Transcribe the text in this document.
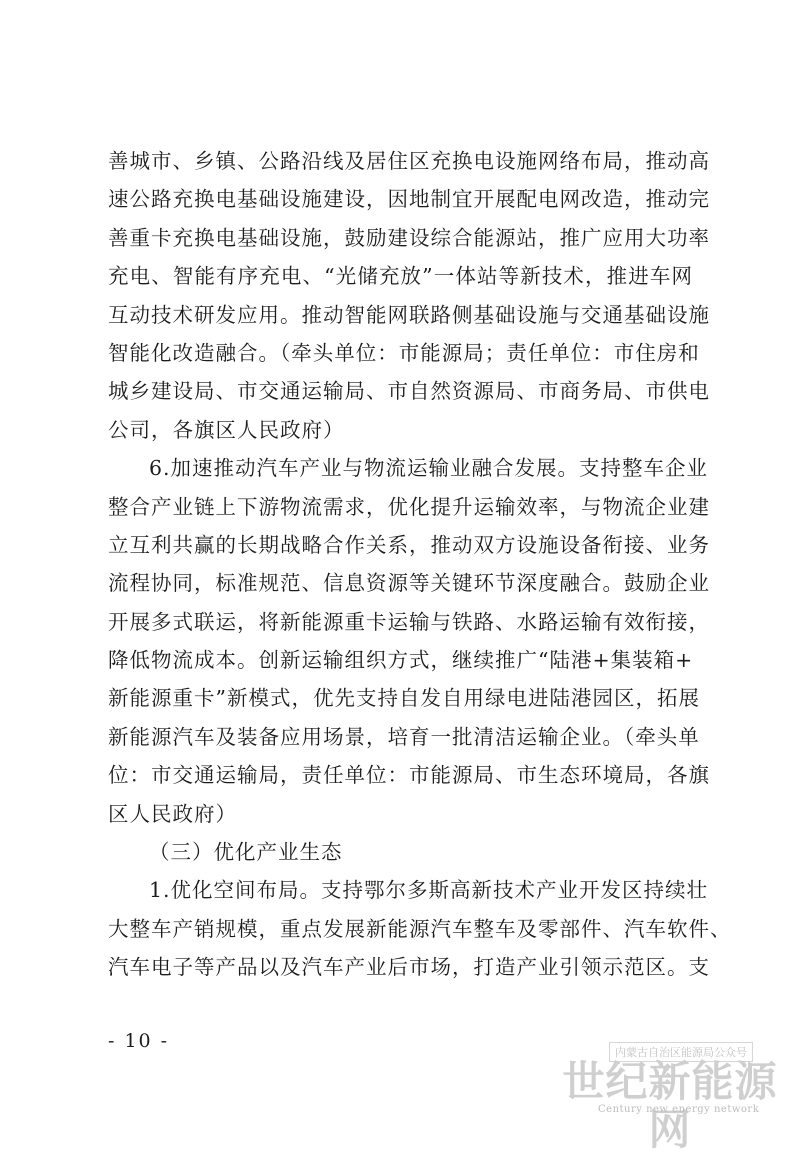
善城市、乡镇、公路沿线及居住区充换电设施网络布局，推动高
速公路充换电基础设施建设，因地制宜开展配电网改造，推动完
善重卡充换电基础设施，鼓励建设综合能源站，推广应用大功率
充电、智能有序充电、“光储充放”一体站等新技术，推进车网
互动技术研发应用。推动智能网联路侧基础设施与交通基础设施
智能化改造融合。（牵头单位：市能源局；责任单位：市住房和
城乡建设局、市交通运输局、市自然资源局、市商务局、市供电
公司，各旗区人民政府）
6.加速推动汽车产业与物流运输业融合发展。支持整车企业
整合产业链上下游物流需求，优化提升运输效率，与物流企业建
立互利共赢的长期战略合作关系，推动双方设施设备衔接、业务
流程协同，标准规范、信息资源等关键环节深度融合。鼓励企业
开展多式联运，将新能源重卡运输与铁路、水路运输有效衔接，
降低物流成本。创新运输组织方式，继续推广“陆港+集装箱+
新能源重卡”新模式，优先支持自发自用绿电进陆港园区，拓展
新能源汽车及装备应用场景，培育一批清洁运输企业。（牵头单
位：市交通运输局，责任单位：市能源局、市生态环境局，各旗
区人民政府）
（三）优化产业生态
1.优化空间布局。支持鄂尔多斯高新技术产业开发区持续壮
大整车产销规模，重点发展新能源汽车整车及零部件、汽车软件、
汽车电子等产品以及汽车产业后市场，打造产业引领示范区。支
- 10 -
内蒙古自治区能源局公众号
世纪新能源网
Century new energy network
